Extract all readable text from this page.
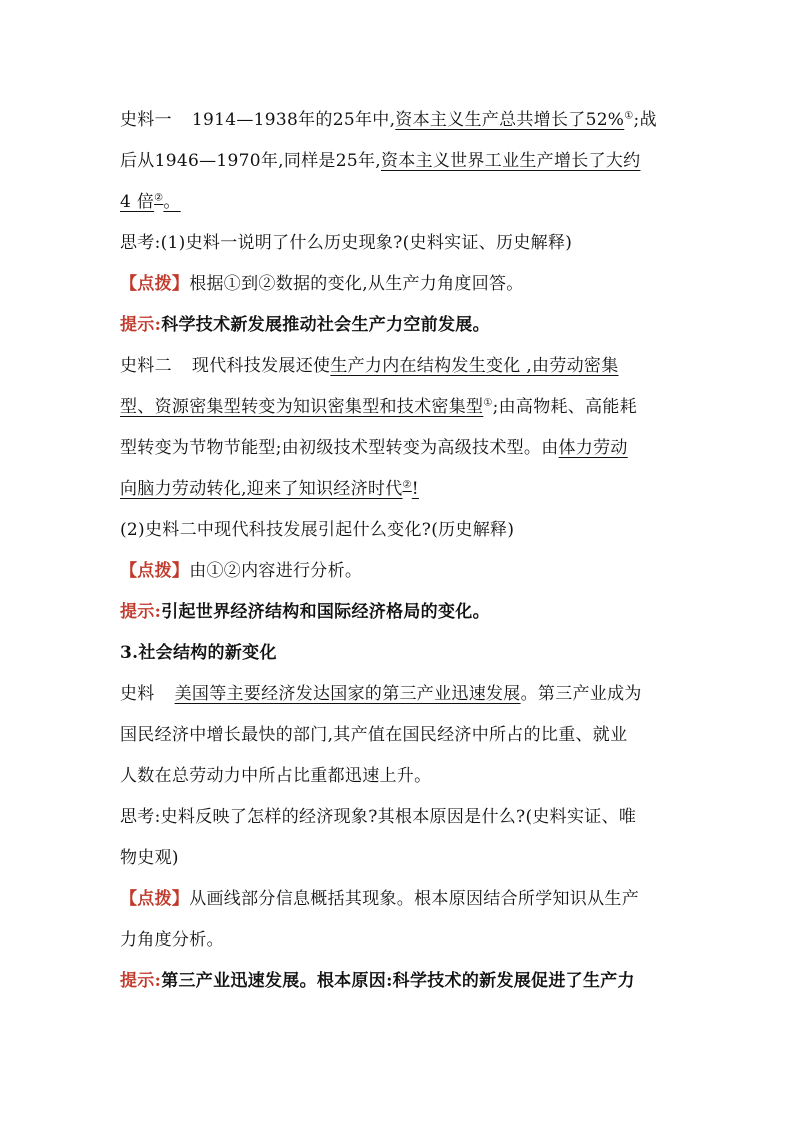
史料一 1914—1938年的25年中,资本主义生产总共增长了52%①;战

后从1946—1970年,同样是25年,资本主义世界工业生产增长了大约

4 倍②。

思考:(1)史料一说明了什么历史现象?(史料实证、历史解释)

【点拨】根据①到②数据的变化,从生产力角度回答。

提示:科学技术新发展推动社会生产力空前发展。

史料二 现代科技发展还使生产力内在结构发生变化 ,由劳动密集

型、资源密集型转变为知识密集型和技术密集型①;由高物耗、高能耗

型转变为节物节能型;由初级技术型转变为高级技术型。由体力劳动

向脑力劳动转化,迎来了知识经济时代②!

(2)史料二中现代科技发展引起什么变化?(历史解释)

【点拨】由①②内容进行分析。

提示:引起世界经济结构和国际经济格局的变化。

3.社会结构的新变化

史料 美国等主要经济发达国家的第三产业迅速发展。第三产业成为

国民经济中增长最快的部门,其产值在国民经济中所占的比重、就业

人数在总劳动力中所占比重都迅速上升。

思考:史料反映了怎样的经济现象?其根本原因是什么?(史料实证、唯

物史观)

【点拨】从画线部分信息概括其现象。根本原因结合所学知识从生产

力角度分析。

提示:第三产业迅速发展。根本原因:科学技术的新发展促进了生产力
